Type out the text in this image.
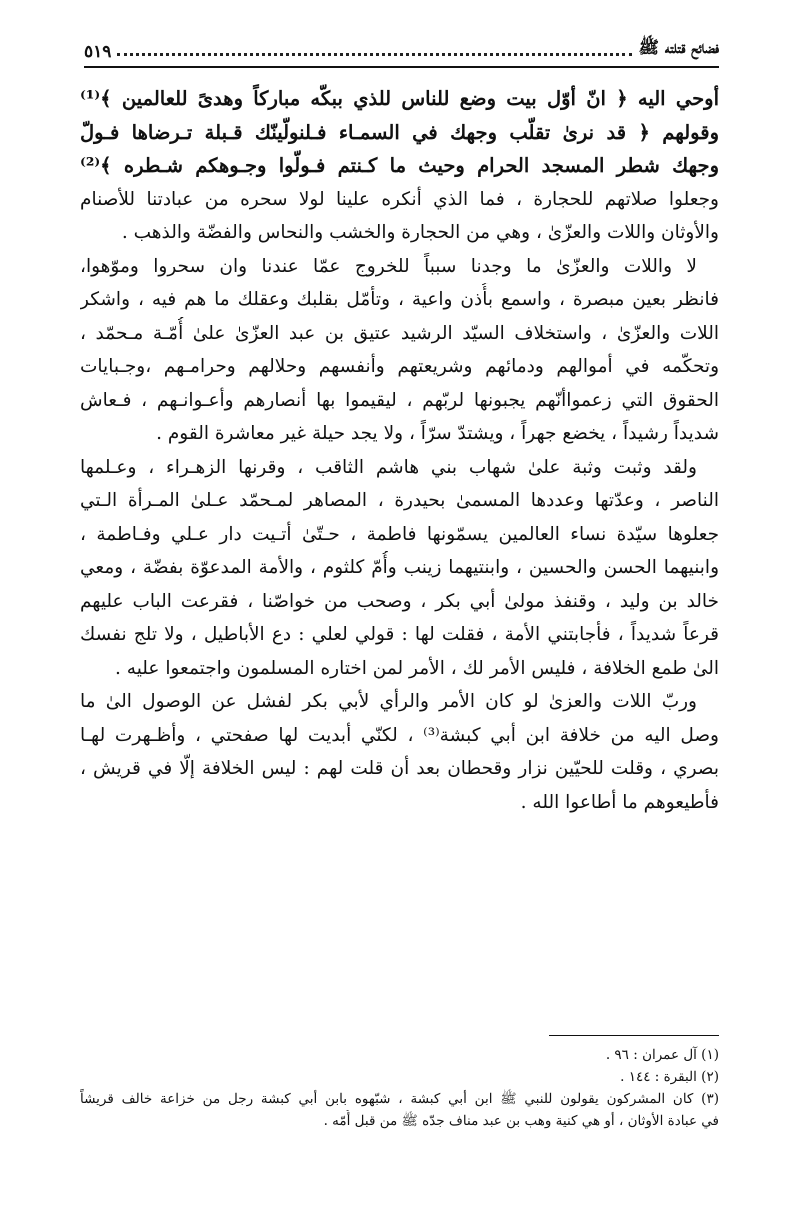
فضائح قتلته ﷺ
٥١٩
أوحي اليه ﴿ انّ أوّل بيت وضع للناس للذي ببكّه مباركاً وهدىً للعالمين ﴾⁽¹⁾
وقولهم ﴿ قد نرىٰ تقلّب وجهك في السمـاء فـلنولّينّك قـبلة تـرضاها فـولّ
وجهك شطر المسجد الحرام وحيث ما كـنتم فـولّوا وجـوهكم شـطره ﴾⁽²⁾
وجعلوا صلاتهم للحجارة ، فما الذي أنكره علينا لولا سحره من عبادتنا للأصنام
والأوثان واللات والعزّىٰ ، وهي من الحجارة والخشب والنحاس والفضّة والذهب .
لا واللات والعزّىٰ ما وجدنا سبباً للخروج عمّا عندنا وان سحروا وموّهوا،
فانظر بعين مبصرة ، واسمع بأُذن واعية ، وتأمّل بقلبك وعقلك ما هم فيه ، واشكر
اللات والعزّىٰ ، واستخلاف السيّد الرشيد عتيق بن عبد العزّىٰ علىٰ أُمّـة مـحمّد ،
وتحكّمه في أموالهم ودمائهم وشريعتهم وأنفسهم وحلالهم وحرامـهم ،وجـبايات
الحقوق التي زعمواأنّهم يجبونها لربّهم ، ليقيموا بها أنصارهم وأعـوانـهم ، فـعاش
شديداً رشيداً ، يخضع جهراً ، ويشتدّ سرّاً ، ولا يجد حيلة غير معاشرة القوم .
ولقد وثبت وثبة علىٰ شهاب بني هاشم الثاقب ، وقرنها الزهـراء ، وعـلمها
الناصر ، وعدّتها وعددها المسمىٰ بحيدرة ، المصاهر لمـحمّد عـلىٰ المـرأة الـتي
جعلوها سيّدة نساء العالمين يسمّونها فاطمة ، حـتّىٰ أتـيت دار عـلي وفـاطمة ،
وابنيهما الحسن والحسين ، وابنتيهما زينب وأُمّ كلثوم ، والأمة المدعوّة بفضّة ، ومعي
خالد بن وليد ، وقنفذ مولىٰ أبي بكر ، وصحب من خواصّنا ، فقرعت الباب عليهم
قرعاً شديداً ، فأجابتني الأمة ، فقلت لها : قولي لعلي : دع الأباطيل ، ولا تلج نفسك
الىٰ طمع الخلافة ، فليس الأمر لك ، الأمر لمن اختاره المسلمون واجتمعوا عليه .
وربّ اللات والعزىٰ لو كان الأمر والرأي لأبي بكر لفشل عن الوصول الىٰ ما
وصل اليه من خلافة ابن أبي كبشة⁽³⁾ ، لكنّي أبديت لها صفحتي ، وأظـهرت لهـا
بصري ، وقلت للحيّين نزار وقحطان بعد أن قلت لهم : ليس الخلافة إلّا في قريش ،
فأطيعوهم ما أطاعوا الله .
(١) آل عمران : ٩٦ .
(٢) البقرة : ١٤٤ .
(٣) كان المشركون يقولون للنبي ﷺ ابن أبي كبشة ، شبّهوه بابن أبي كبشة رجل من خزاعة خالف قريشاً
في عبادة الأوثان ، أو هي كنية وهب بن عبد مناف جدّه ﷺ من قبل أُمّه .
